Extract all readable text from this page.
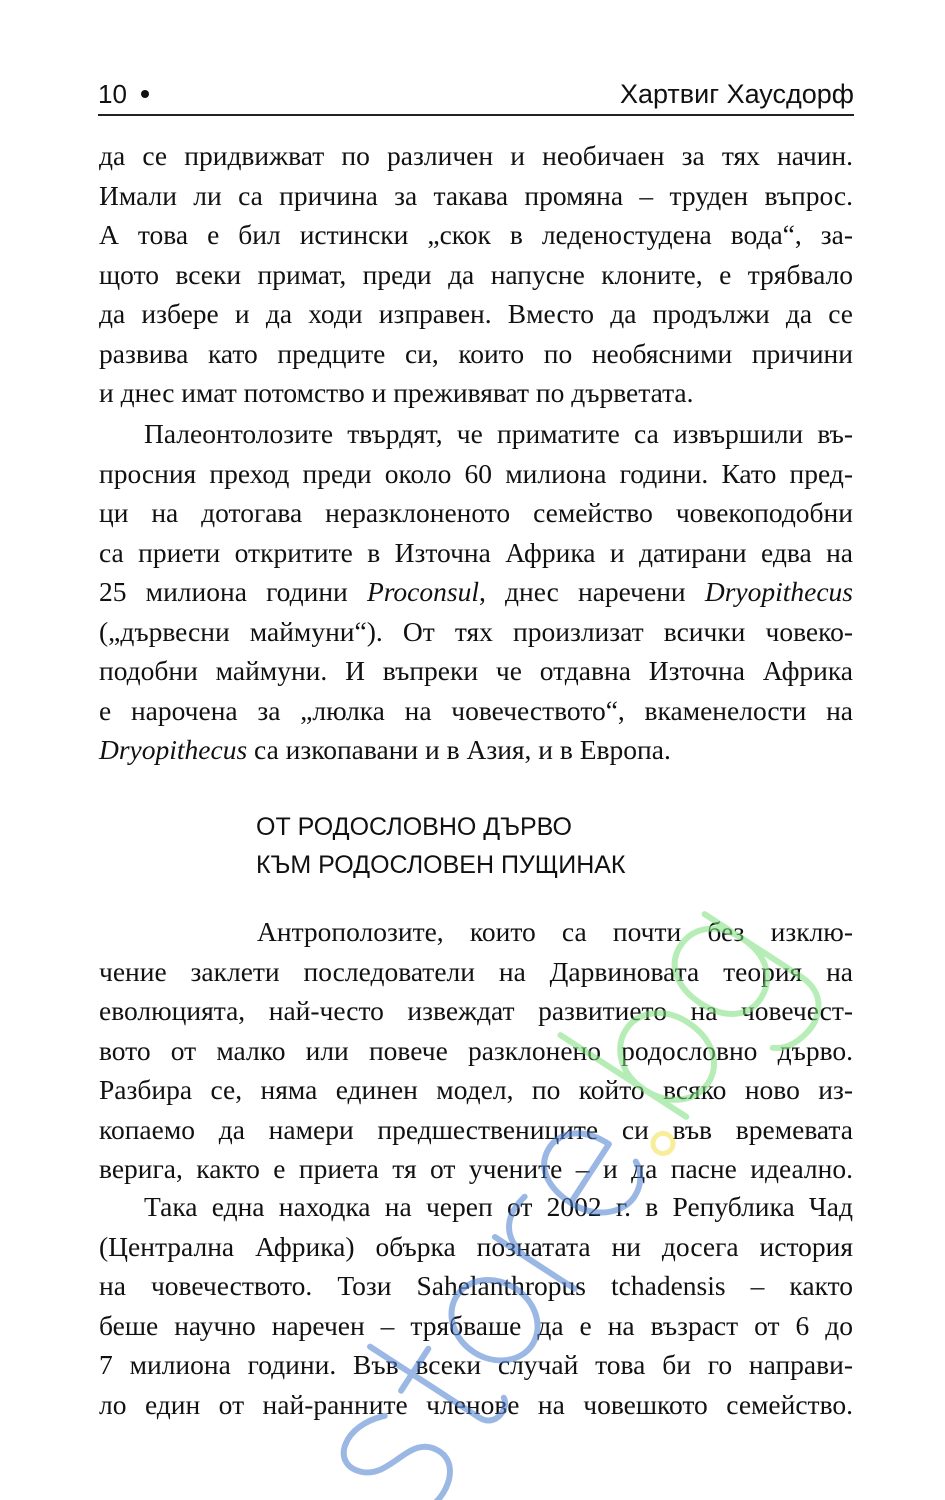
10	Хартвиг Хаусдорф
да се придвижват по различен и необичаен за тях начин.
Имали ли са причина за такава промяна – труден въпрос.
А това е бил истински „скок в леденостудена вода“, за-
щото всеки примат, преди да напусне клоните, е трябвало
да избере и да ходи изправен. Вместо да продължи да се
развива като предците си, които по необясними причини
и днес имат потомство и преживяват по дърветата.
Палеонтолозите твърдят, че приматите са извършили въ-
просния преход преди около 60 милиона години. Като пред-
ци на дотогава неразклоненото семейство човекоподобни
са приети откритите в Източна Африка и датирани едва на
25 милиона години Proconsul, днес наречени Dryopithecus
(„дървесни маймуни“). От тях произлизат всички човеко-
подобни маймуни. И въпреки че отдавна Източна Африка
е нарочена за „люлка на човечеството“, вкаменелости на
Dryopithecus са изкопавани и в Азия, и в Европа.
ОТ РОДОСЛОВНО ДЪРВО
КЪМ РОДОСЛОВЕН ПУЩИНАК
Антрополозите, които са почти без изклю-
чение заклети последователи на Дарвиновата теория на
еволюцията, най-често извеждат развитието на човечест-
вото от малко или повече разклонено родословно дърво.
Разбира се, няма единен модел, по който всяко ново из-
копаемо да намери предшествениците си във времевата
верига, както е приета тя от учените – и да пасне идеално.
Така една находка на череп от 2002 г. в Република Чад
(Централна Африка) обърка познатата ни досега история
на човечеството. Този Sahelanthropus tchadensis – както
беше научно наречен – трябваше да е на възраст от 6 до
7 милиона години. Във всеки случай това би го направи-
ло един от най-ранните членове на човешкото семейство.
